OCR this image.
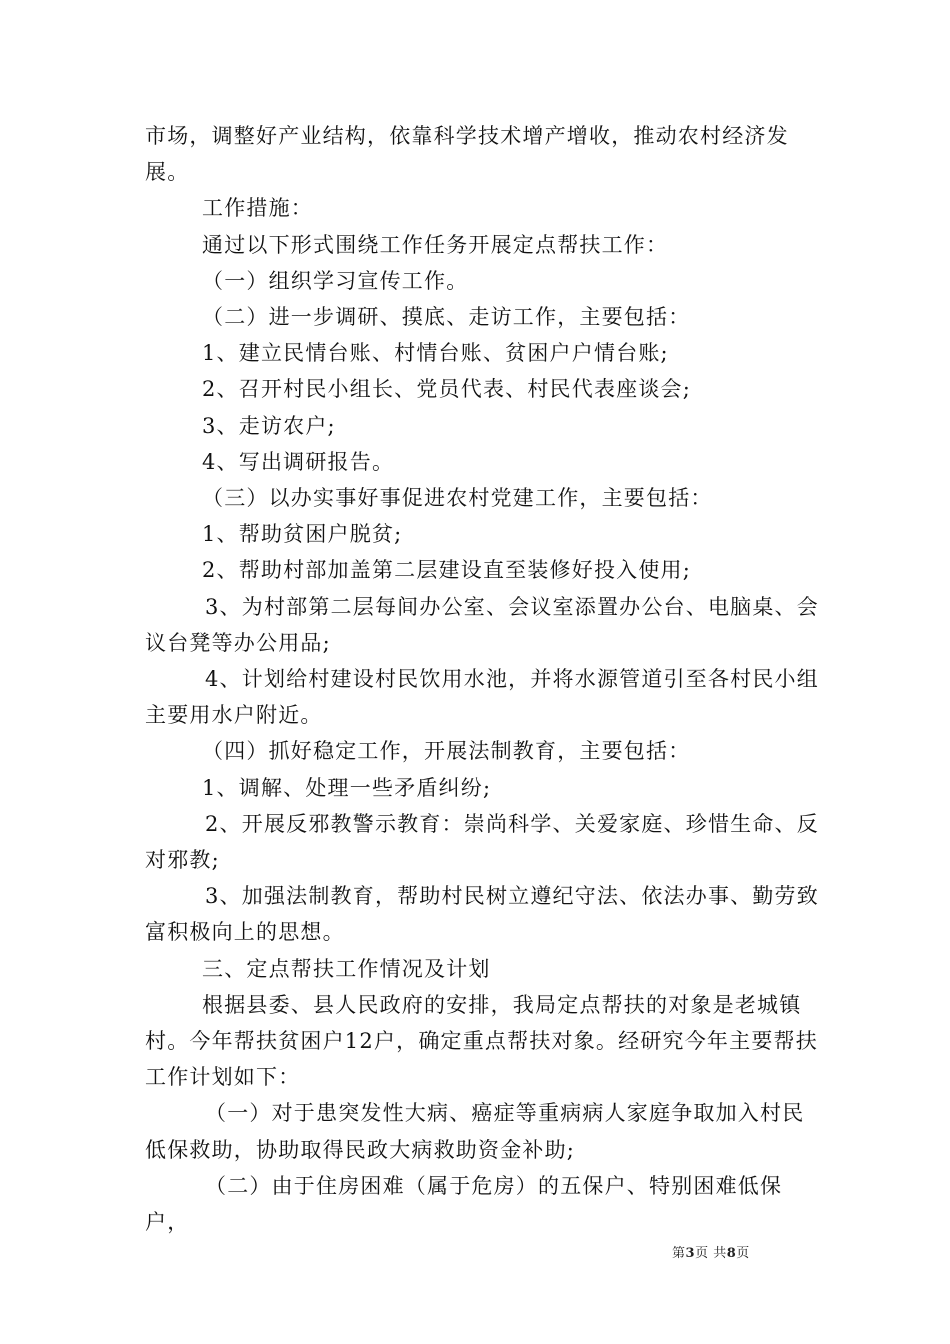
市场，调整好产业结构，依靠科学技术增产增收，推动农村经济发展。

工作措施：

通过以下形式围绕工作任务开展定点帮扶工作：

（一）组织学习宣传工作。

（二）进一步调研、摸底、走访工作，主要包括：

1、建立民情台账、村情台账、贫困户户情台账;

2、召开村民小组长、党员代表、村民代表座谈会;

3、走访农户;

4、写出调研报告。

（三）以办实事好事促进农村党建工作，主要包括：

1、帮助贫困户脱贫;

2、帮助村部加盖第二层建设直至装修好投入使用;

3、为村部第二层每间办公室、会议室添置办公台、电脑桌、会议台凳等办公用品;

4、计划给村建设村民饮用水池，并将水源管道引至各村民小组主要用水户附近。

（四）抓好稳定工作，开展法制教育，主要包括：

1、调解、处理一些矛盾纠纷;

2、开展反邪教警示教育：崇尚科学、关爱家庭、珍惜生命、反对邪教;

3、加强法制教育，帮助村民树立遵纪守法、依法办事、勤劳致富积极向上的思想。

三、定点帮扶工作情况及计划

根据县委、县人民政府的安排，我局定点帮扶的对象是老城镇村。今年帮扶贫困户12户，确定重点帮扶对象。经研究今年主要帮扶工作计划如下：

（一）对于患突发性大病、癌症等重病病人家庭争取加入村民低保救助，协助取得民政大病救助资金补助;

（二）由于住房困难（属于危房）的五保户、特别困难低保户，

第3页 共8页
